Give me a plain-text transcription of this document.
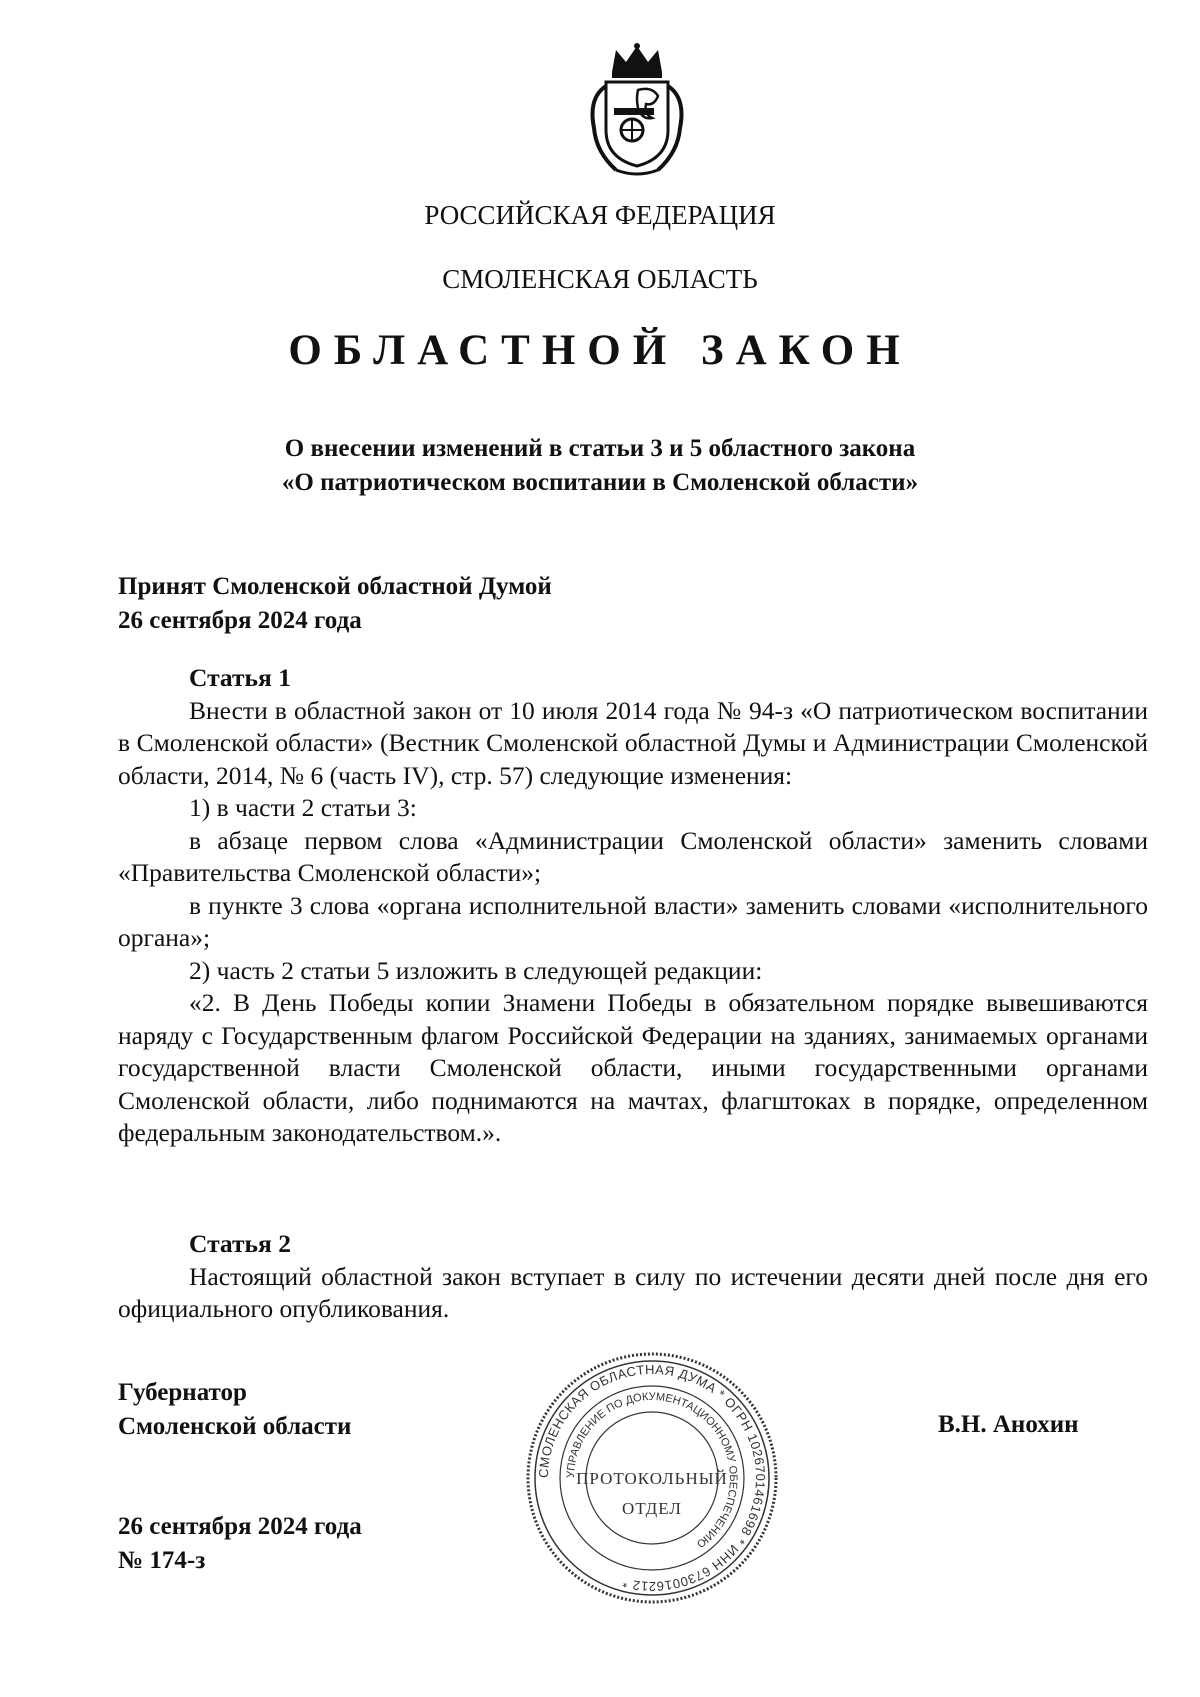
РОССИЙСКАЯ ФЕДЕРАЦИЯ
СМОЛЕНСКАЯ ОБЛАСТЬ
ОБЛАСТНОЙ ЗАКОН
О внесении изменений в статьи 3 и 5 областного закона
«О патриотическом воспитании в Смоленской области»
Принят Смоленской областной Думой
26 сентября 2024 года

Статья 1

Внести в областной закон от 10 июля 2014 года № 94-з «О патриотическом воспитании в Смоленской области» (Вестник Смоленской областной Думы и Администрации Смоленской области, 2014, № 6 (часть IV), стр. 57) следующие изменения:

1) в части 2 статьи 3:

в абзаце первом слова «Администрации Смоленской области» заменить словами «Правительства Смоленской области»;

в пункте 3 слова «органа исполнительной власти» заменить словами «исполнительного органа»;

2) часть 2 статьи 5 изложить в следующей редакции:

«2. В День Победы копии Знамени Победы в обязательном порядке вывешиваются наряду с Государственным флагом Российской Федерации на зданиях, занимаемых органами государственной власти Смоленской области, иными государственными органами Смоленской области, либо поднимаются на мачтах, флагштоках в порядке, определенном федеральным законодательством.».

Статья 2

Настоящий областной закон вступает в силу по истечении десяти дней после дня его официального опубликования.

Губернатор
Смоленской области	В.Н. Анохин
26 сентября 2024 года
№ 174-з
СМОЛЕНСКАЯ ОБЛАСТНАЯ ДУМА * ОГРН 1026701461698 * ИНН 6730016212 *
УПРАВЛЕНИЕ ПО ДОКУМЕНТАЦИОННОМУ ОБЕСПЕЧЕНИЮ
ПРОТОКОЛЬНЫЙ
ОТДЕЛ
